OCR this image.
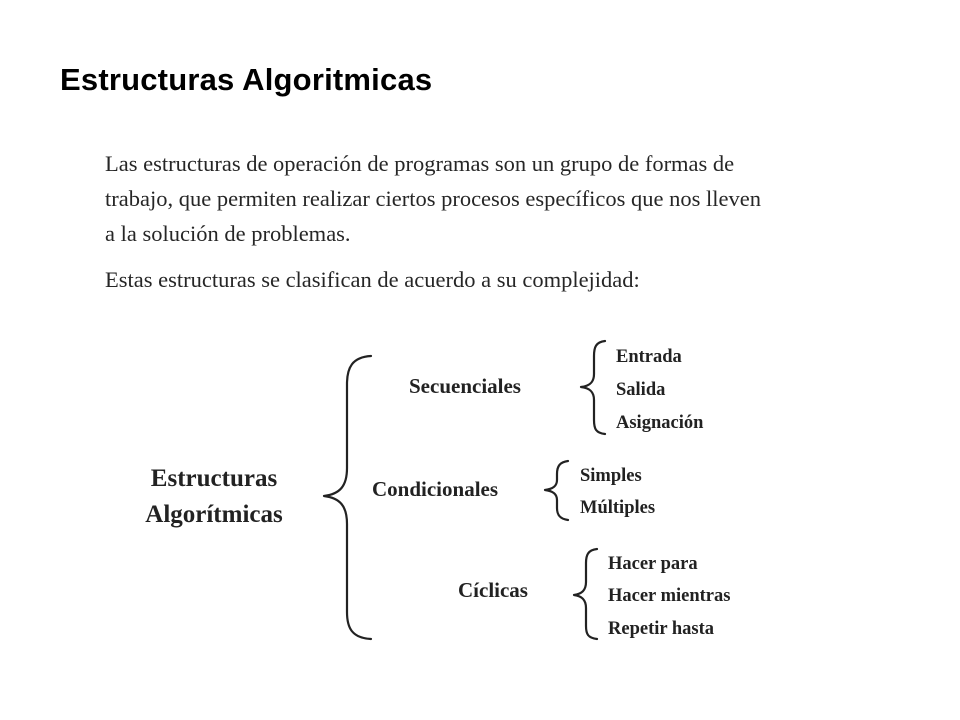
Estructuras Algoritmicas

Las estructuras de operación de programas son un grupo de formas de
trabajo, que permiten realizar ciertos procesos específicos que nos lleven
a la solución de problemas.

Estas estructuras se clasifican de acuerdo a su complejidad:

Estructuras
Algorítmicas
Secuenciales
Entrada
Salida
Asignación
Condicionales
Simples
Múltiples
Cíclicas
Hacer para
Hacer mientras
Repetir hasta
